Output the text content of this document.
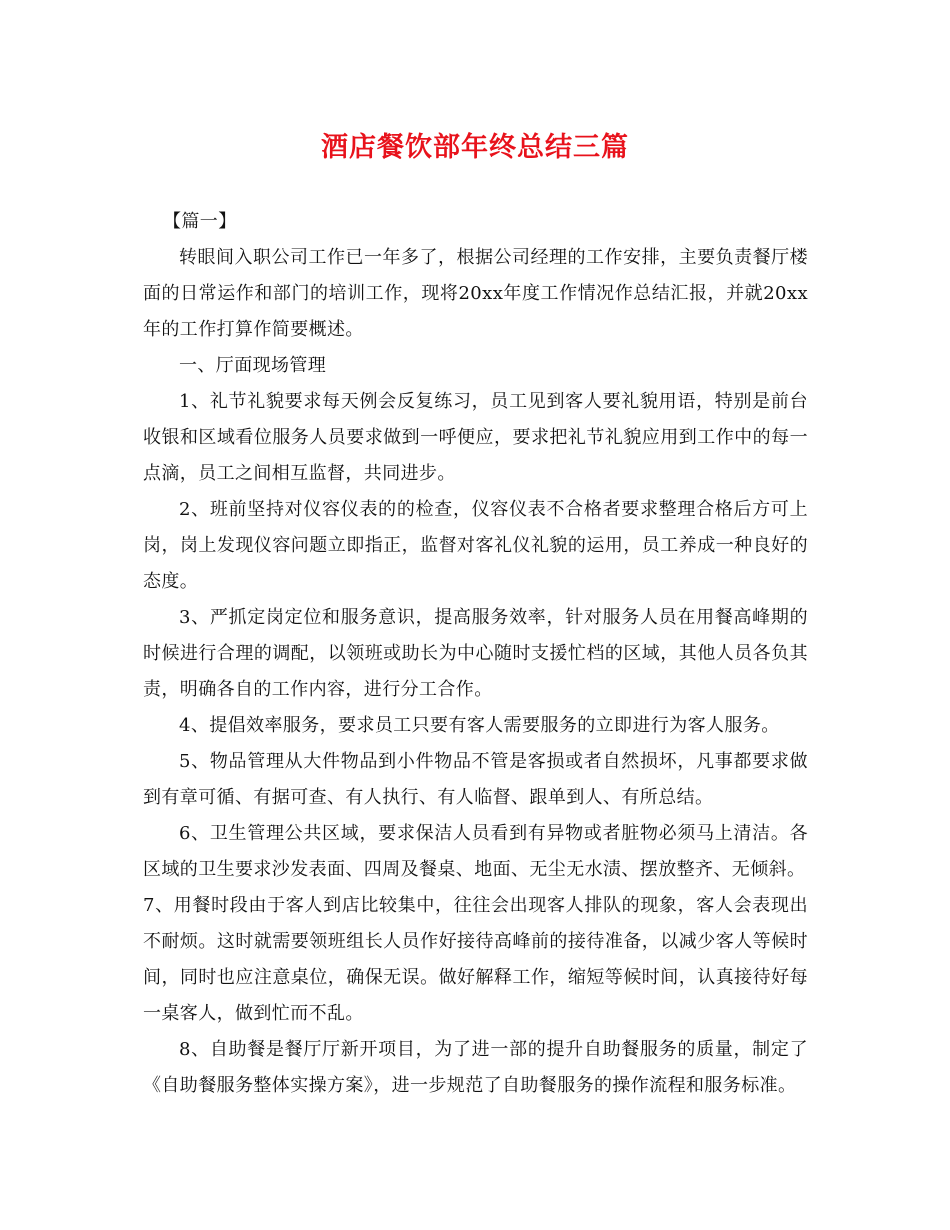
酒店餐饮部年终总结三篇

【篇一】

转眼间入职公司工作已一年多了，根据公司经理的工作安排，主要负责餐厅楼面的日常运作和部门的培训工作，现将20xx年度工作情况作总结汇报，并就20xx年的工作打算作简要概述。

一、厅面现场管理

1、礼节礼貌要求每天例会反复练习，员工见到客人要礼貌用语，特别是前台收银和区域看位服务人员要求做到一呼便应，要求把礼节礼貌应用到工作中的每一点滴，员工之间相互监督，共同进步。

2、班前坚持对仪容仪表的的检查，仪容仪表不合格者要求整理合格后方可上岗，岗上发现仪容问题立即指正，监督对客礼仪礼貌的运用，员工养成一种良好的态度。

3、严抓定岗定位和服务意识，提高服务效率，针对服务人员在用餐高峰期的时候进行合理的调配，以领班或助长为中心随时支援忙档的区域，其他人员各负其责，明确各自的工作内容，进行分工合作。

4、提倡效率服务，要求员工只要有客人需要服务的立即进行为客人服务。

5、物品管理从大件物品到小件物品不管是客损或者自然损坏，凡事都要求做到有章可循、有据可查、有人执行、有人临督、跟单到人、有所总结。

6、卫生管理公共区域，要求保洁人员看到有异物或者脏物必须马上清洁。各区域的卫生要求沙发表面、四周及餐桌、地面、无尘无水渍、摆放整齐、无倾斜。

7、用餐时段由于客人到店比较集中，往往会出现客人排队的现象，客人会表现出不耐烦。这时就需要领班组长人员作好接待高峰前的接待准备，以减少客人等候时间，同时也应注意桌位，确保无误。做好解释工作，缩短等候时间，认真接待好每一桌客人，做到忙而不乱。

8、自助餐是餐厅厅新开项目，为了进一部的提升自助餐服务的质量，制定了《自助餐服务整体实操方案》，进一步规范了自助餐服务的操作流程和服务标准。
